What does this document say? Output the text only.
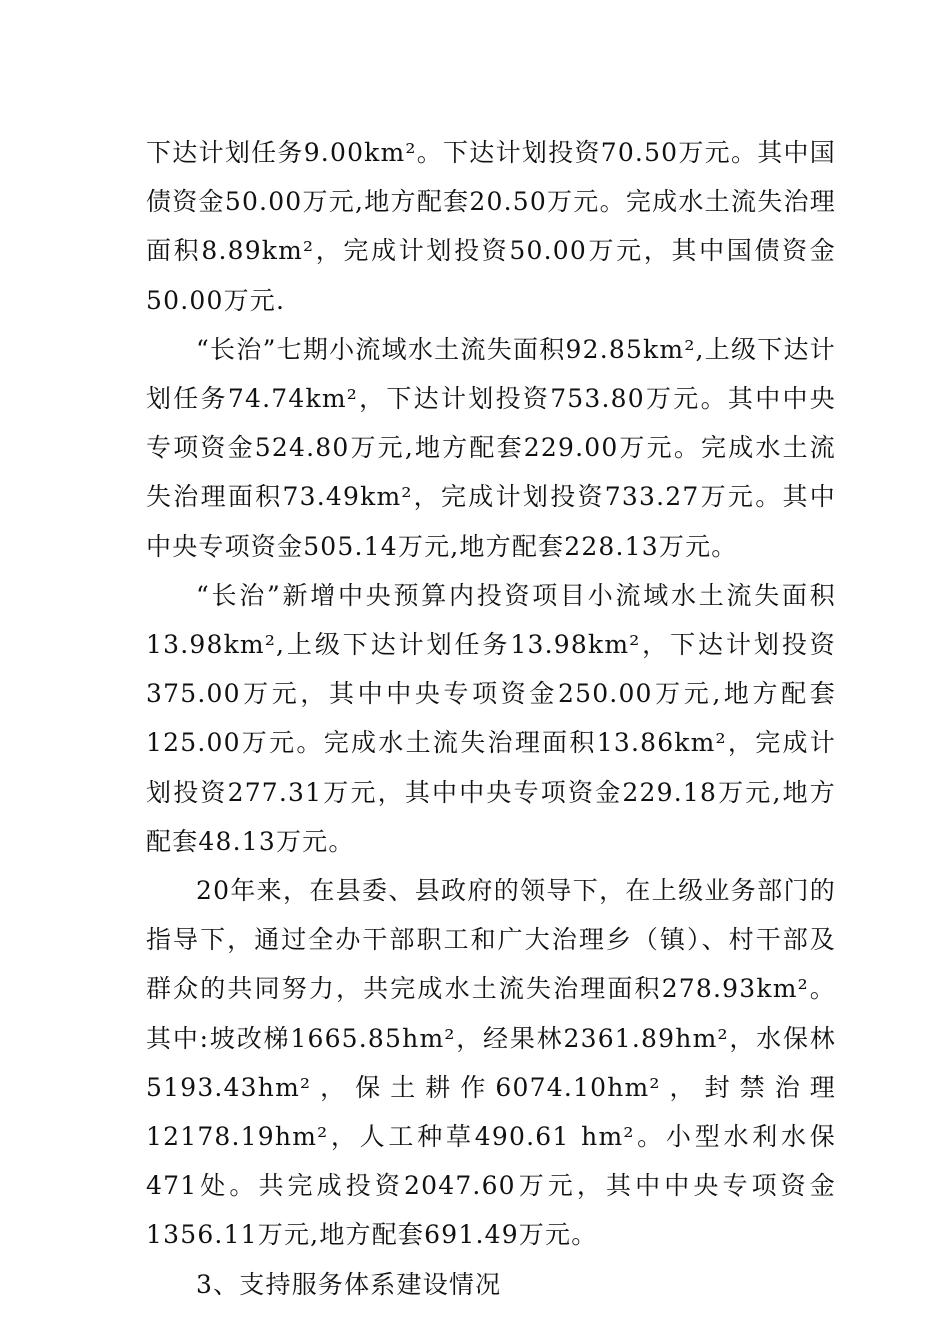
下达计划任务9.00km²。下达计划投资70.50万元。其中国债资金50.00万元,地方配套20.50万元。完成水土流失治理面积8.89km²，完成计划投资50.00万元，其中国债资金50.00万元.

“长治”七期小流域水土流失面积92.85km²,上级下达计划任务74.74km²，下达计划投资753.80万元。其中中央专项资金524.80万元,地方配套229.00万元。完成水土流失治理面积73.49km²，完成计划投资733.27万元。其中中央专项资金505.14万元,地方配套228.13万元。

“长治”新增中央预算内投资项目小流域水土流失面积13.98km²,上级下达计划任务13.98km²，下达计划投资375.00万元，其中中央专项资金250.00万元,地方配套125.00万元。完成水土流失治理面积13.86km²，完成计划投资277.31万元，其中中央专项资金229.18万元,地方配套48.13万元。

20年来，在县委、县政府的领导下，在上级业务部门的指导下，通过全办干部职工和广大治理乡（镇）、村干部及群众的共同努力，共完成水土流失治理面积278.93km²。 其中:坡改梯1665.85hm²，经果林2361.89hm²，水保林5193.43hm²，保土耕作6074.10hm²，封禁治理12178.19hm²，人工种草490.61 hm²。小型水利水保471处。共完成投资2047.60万元，其中中央专项资金1356.11万元,地方配套691.49万元。

3、支持服务体系建设情况
